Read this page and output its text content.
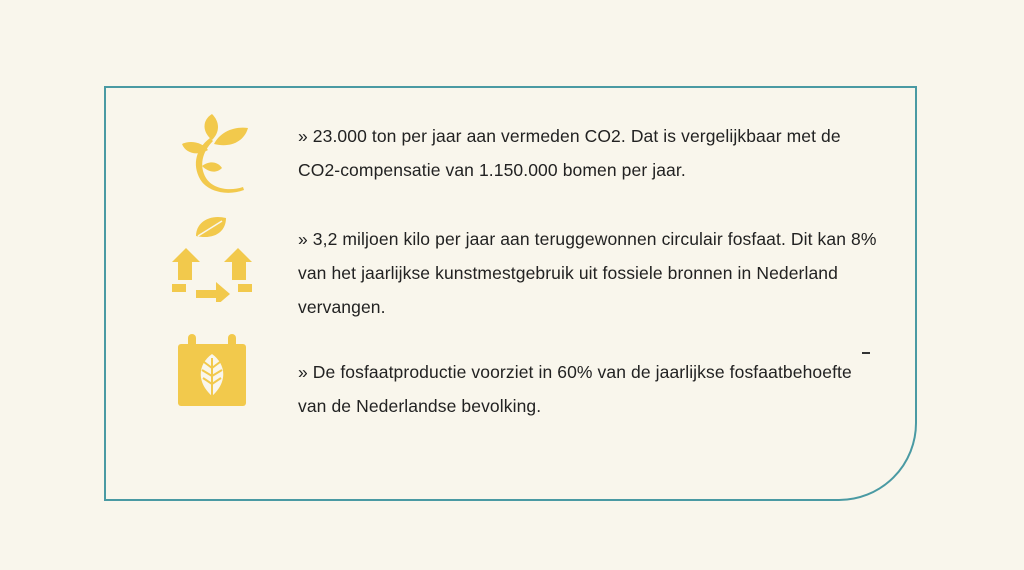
» 23.000 ton per jaar aan vermeden CO2. Dat is vergelijkbaar met de CO2-compensatie van 1.150.000 bomen per jaar.

» 3,2 miljoen kilo per jaar aan teruggewonnen circulair fosfaat. Dit kan 8% van het jaarlijkse kunstmestgebruik uit fossiele bronnen in Nederland vervangen.

» De fosfaatproductie voorziet in 60% van de jaarlijkse fosfaatbehoefte van de Nederlandse bevolking.
